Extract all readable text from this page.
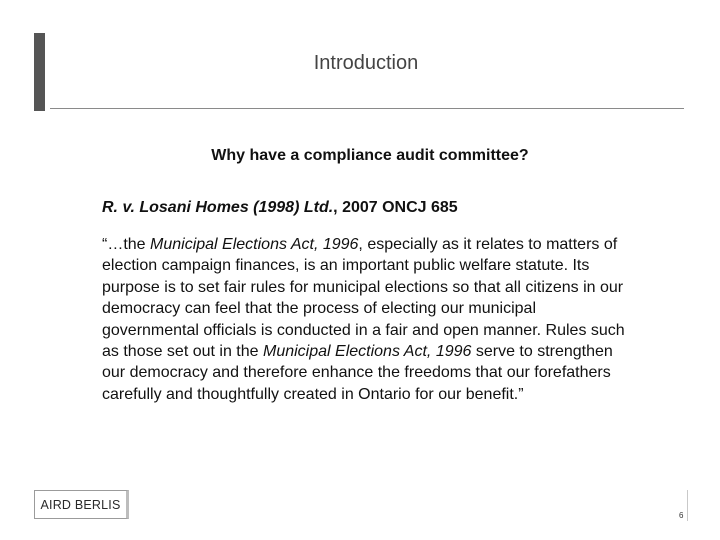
Introduction
Why have a compliance audit committee?
R. v. Losani Homes (1998) Ltd., 2007 ONCJ 685
“…the Municipal Elections Act, 1996, especially as it relates to matters of election campaign finances, is an important public welfare statute. Its purpose is to set fair rules for municipal elections so that all citizens in our democracy can feel that the process of electing our municipal governmental officials is conducted in a fair and open manner. Rules such as those set out in the Municipal Elections Act, 1996 serve to strengthen our democracy and therefore enhance the freedoms that our forefathers carefully and thoughtfully created in Ontario for our benefit.”
AIRD BERLIS
6
